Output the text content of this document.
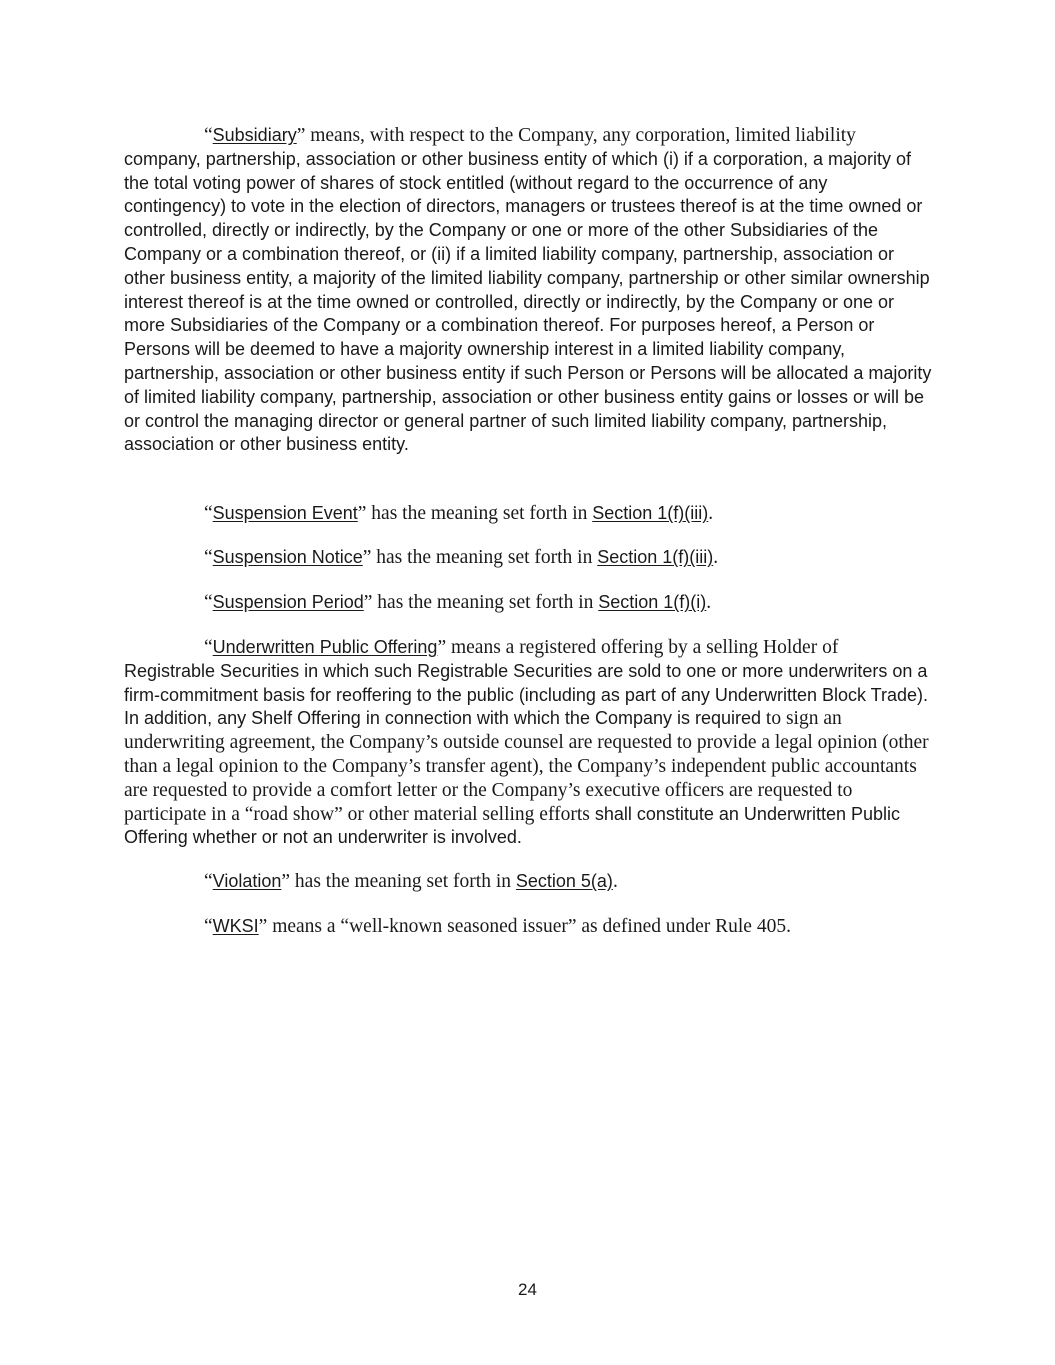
“Subsidiary” means, with respect to the Company, any corporation, limited liability company, partnership, association or other business entity of which (i) if a corporation, a majority of the total voting power of shares of stock entitled (without regard to the occurrence of any contingency) to vote in the election of directors, managers or trustees thereof is at the time owned or controlled, directly or indirectly, by the Company or one or more of the other Subsidiaries of the Company or a combination thereof, or (ii) if a limited liability company, partnership, association or other business entity, a majority of the limited liability company, partnership or other similar ownership interest thereof is at the time owned or controlled, directly or indirectly, by the Company or one or more Subsidiaries of the Company or a combination thereof. For purposes hereof, a Person or Persons will be deemed to have a majority ownership interest in a limited liability company, partnership, association or other business entity if such Person or Persons will be allocated a majority of limited liability company, partnership, association or other business entity gains or losses or will be or control the managing director or general partner of such limited liability company, partnership, association or other business entity.

“Suspension Event” has the meaning set forth in Section 1(f)(iii).

“Suspension Notice” has the meaning set forth in Section 1(f)(iii).

“Suspension Period” has the meaning set forth in Section 1(f)(i).

“Underwritten Public Offering” means a registered offering by a selling Holder of Registrable Securities in which such Registrable Securities are sold to one or more underwriters on a firm-commitment basis for reoffering to the public (including as part of any Underwritten Block Trade). In addition, any Shelf Offering in connection with which the Company is required to sign an underwriting agreement, the Company’s outside counsel are requested to provide a legal opinion (other than a legal opinion to the Company’s transfer agent), the Company’s independent public accountants are requested to provide a comfort letter or the Company’s executive officers are requested to participate in a “road show” or other material selling efforts shall constitute an Underwritten Public Offering whether or not an underwriter is involved.

“Violation” has the meaning set forth in Section 5(a).

“WKSI” means a “well-known seasoned issuer” as defined under Rule 405.

24
